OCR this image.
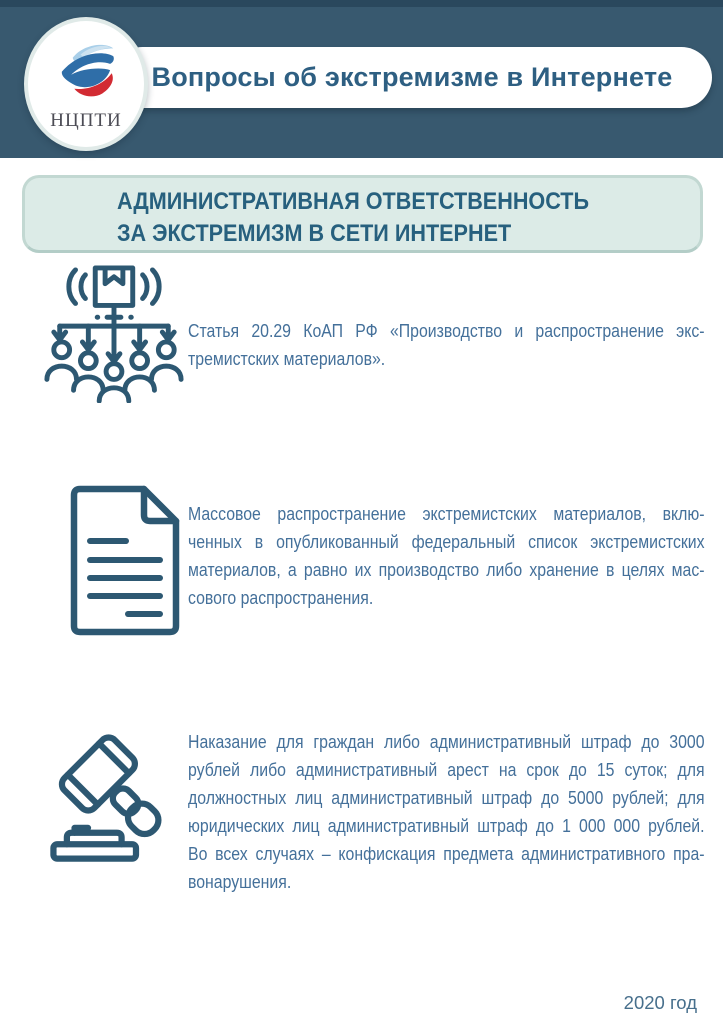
Вопросы об экстремизме в Интернете
НЦПТИ
АДМИНИСТРАТИВНАЯ ОТВЕТСТВЕННОСТЬ
ЗА ЭКСТРЕМИЗМ В СЕТИ ИНТЕРНЕТ
Статья 20.29 КоАП РФ «Производство и распространение экс-
тремистских материалов».
Массовое распространение экстремистских материалов, вклю-
ченных в опубликованный федеральный список экстремистских
материалов, а равно их производство либо хранение в целях мас-
сового распространения.
Наказание для граждан либо административный штраф до 3000
рублей либо административный арест на срок до 15 суток; для
должностных лиц административный штраф до 5000 рублей; для
юридических лиц административный штраф до 1 000 000 рублей.
Во всех случаях – конфискация предмета административного пра-
вонарушения.
2020 год
